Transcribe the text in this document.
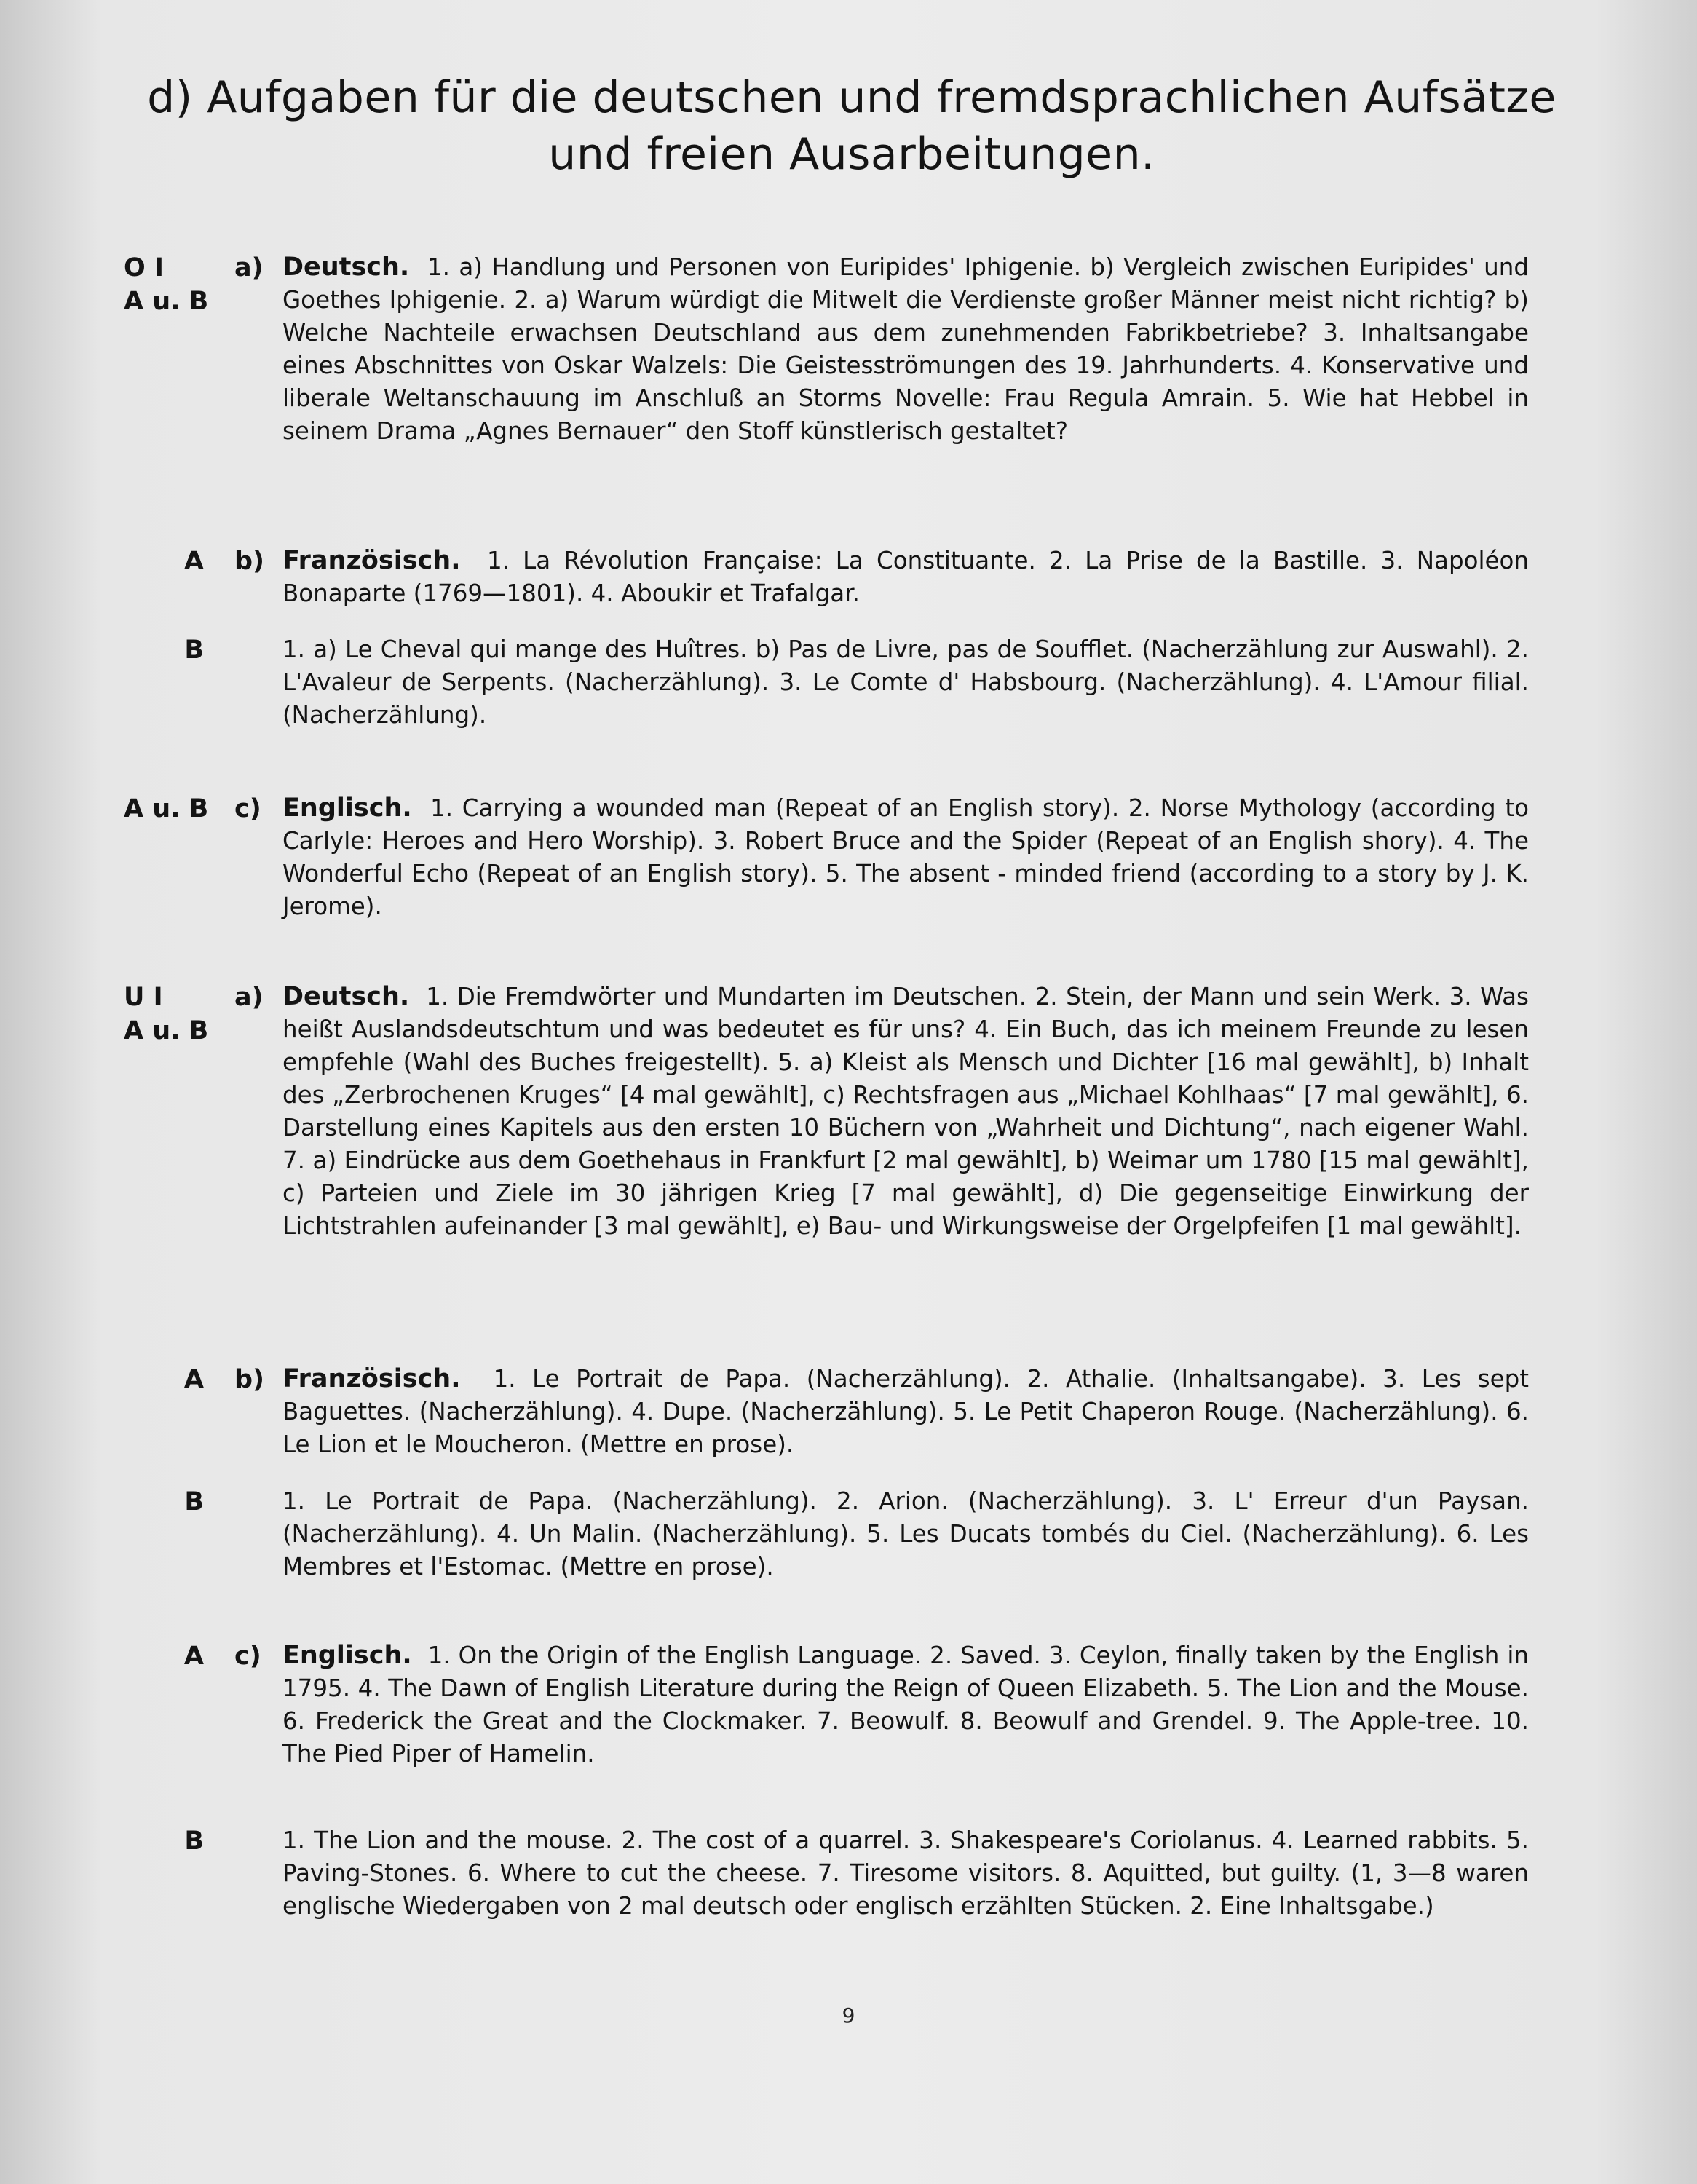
d) Aufgaben für die deutschen und fremdsprachlichen Aufsätze
und freien Ausarbeitungen.
O I
A u. B
a) Deutsch. 1. a) Handlung und Personen von Euripides' Iphigenie. b) Vergleich zwischen Euripides' und Goethes Iphigenie. 2. a) Warum würdigt die Mitwelt die Verdienste großer Männer meist nicht richtig? b) Welche Nachteile erwachsen Deutschland aus dem zunehmenden Fabrikbetriebe? 3. Inhaltsangabe eines Abschnittes von Oskar Walzels: Die Geistesströmungen des 19. Jahrhunderts. 4. Konservative und liberale Weltanschauung im Anschluß an Storms Novelle: Frau Regula Amrain. 5. Wie hat Hebbel in seinem Drama „Agnes Bernauer“ den Stoff künstlerisch gestaltet?
A b) Französisch. 1. La Révolution Française: La Constituante. 2. La Prise de la Bastille. 3. Napoléon Bonaparte (1769—1801). 4. Aboukir et Trafalgar.
B	1. a) Le Cheval qui mange des Huîtres. b) Pas de Livre, pas de Soufflet. (Nacherzählung zur Auswahl). 2. L'Avaleur de Serpents. (Nacherzählung). 3. Le Comte d' Habsbourg. (Nacherzählung). 4. L'Amour filial. (Nacherzählung).
A u. B	c) Englisch. 1. Carrying a wounded man (Repeat of an English story). 2. Norse Mythology (according to Carlyle: Heroes and Hero Worship). 3. Robert Bruce and the Spider (Repeat of an English shory). 4. The Wonderful Echo (Repeat of an English story). 5. The absent - minded friend (according to a story by J. K. Jerome).
U I
A u. B
a) Deutsch. 1. Die Fremdwörter und Mundarten im Deutschen. 2. Stein, der Mann und sein Werk. 3. Was heißt Auslandsdeutschtum und was bedeutet es für uns? 4. Ein Buch, das ich meinem Freunde zu lesen empfehle (Wahl des Buches freigestellt). 5. a) Kleist als Mensch und Dichter [16 mal gewählt], b) Inhalt des „Zerbrochenen Kruges“ [4 mal gewählt], c) Rechtsfragen aus „Michael Kohlhaas“ [7 mal gewählt], 6. Darstellung eines Kapitels aus den ersten 10 Büchern von „Wahrheit und Dichtung“, nach eigener Wahl. 7. a) Eindrücke aus dem Goethehaus in Frankfurt [2 mal gewählt], b) Weimar um 1780 [15 mal gewählt], c) Parteien und Ziele im 30 jährigen Krieg [7 mal gewählt], d) Die gegenseitige Einwirkung der Lichtstrahlen aufeinander [3 mal gewählt], e) Bau- und Wirkungsweise der Orgelpfeifen [1 mal gewählt].
A b) Französisch. 1. Le Portrait de Papa. (Nacherzählung). 2. Athalie. (Inhaltsangabe). 3. Les sept Baguettes. (Nacherzählung). 4. Dupe. (Nacherzählung). 5. Le Petit Chaperon Rouge. (Nacherzählung). 6. Le Lion et le Moucheron. (Mettre en prose).
B	1. Le Portrait de Papa. (Nacherzählung). 2. Arion. (Nacherzählung). 3. L' Erreur d'un Paysan. (Nacherzählung). 4. Un Malin. (Nacherzählung). 5. Les Ducats tombés du Ciel. (Nacherzählung). 6. Les Membres et l'Estomac. (Mettre en prose).
A c) Englisch. 1. On the Origin of the English Language. 2. Saved. 3. Ceylon, finally taken by the English in 1795. 4. The Dawn of English Literature during the Reign of Queen Elizabeth. 5. The Lion and the Mouse. 6. Frederick the Great and the Clockmaker. 7. Beowulf. 8. Beowulf and Grendel. 9. The Apple-tree. 10. The Pied Piper of Hamelin.
B	1. The Lion and the mouse. 2. The cost of a quarrel. 3. Shakespeare's Coriolanus. 4. Learned rabbits. 5. Paving-Stones. 6. Where to cut the cheese. 7. Tiresome visitors. 8. Aquitted, but guilty. (1, 3—8 waren englische Wiedergaben von 2 mal deutsch oder englisch erzählten Stücken. 2. Eine Inhaltsgabe.)
9
